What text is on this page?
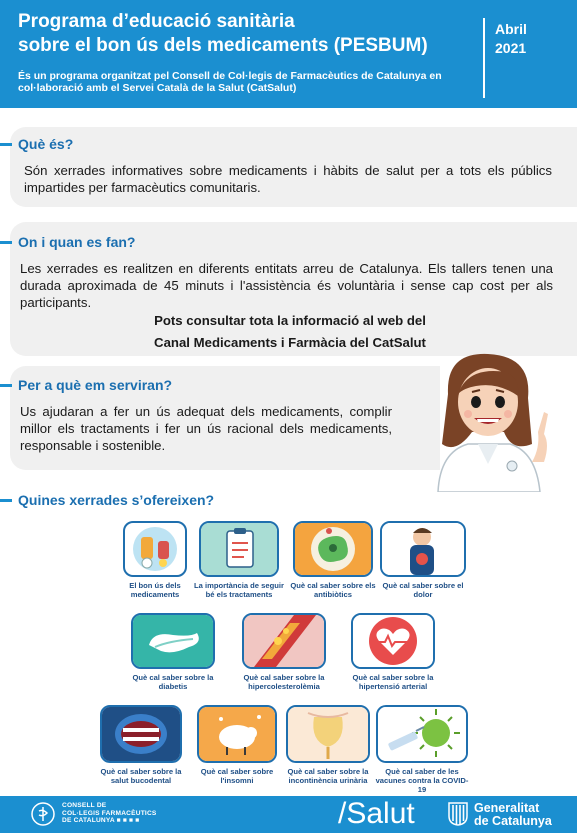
Programa d’educació sanitària
sobre el bon ús dels medicaments (PESBUM)
És un programa organitzat pel Consell de Col·legis de Farmacèutics de Catalunya en col·laboració amb el Servei Català de la Salut (CatSalut)
Abril
2021
Què és?
Són xerrades informatives sobre medicaments i hàbits de salut per a tots els públics impartides per farmacèutics comunitaris.
On i quan es fan?
Les xerrades es realitzen en diferents entitats arreu de Catalunya. Els tallers tenen una durada aproximada de 45 minuts i l'assistència és voluntària i sense cap cost per als participants.
Pots consultar tota la informació al web del
Canal Medicaments i Farmàcia del CatSalut
Per a què em serviran?
Us ajudaran a fer un ús adequat dels medicaments, complir millor els tractaments i fer un ús racional dels medicaments, responsable i sostenible.
Quines xerrades s’ofereixen?
El bon ús dels medicaments
La importància de seguir bé els tractaments
Què cal saber sobre els antibiòtics
Què cal saber sobre el dolor
Què cal saber sobre la diabetis
Què cal saber sobre la hipercolesterolèmia
Què cal saber sobre la hipertensió arterial
Què cal saber sobre la salut bucodental
Què cal saber sobre l'insomni
Què cal saber sobre la incontinència urinària
Què cal saber de les vacunes contra la COVID-19
CONSELL DE
COL·LEGIS FARMACÈUTICS
DE CATALUNYA ■ ■ ■ ■	/Salut	Generalitat
de Catalunya
